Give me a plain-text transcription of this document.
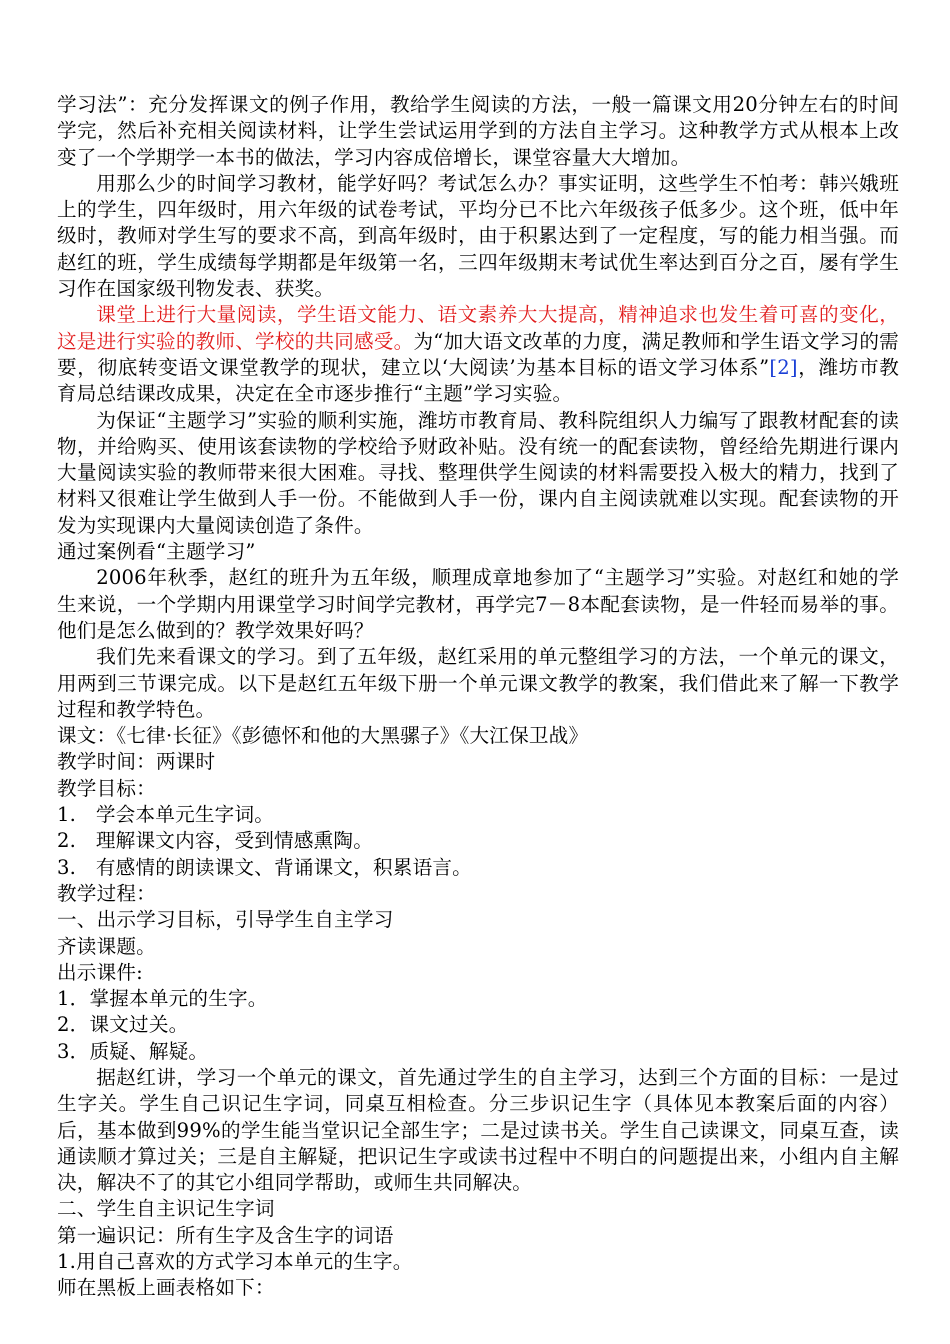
学习法”：充分发挥课文的例子作用，教给学生阅读的方法，一般一篇课文用20分钟左右的时间学完，然后补充相关阅读材料，让学生尝试运用学到的方法自主学习。这种教学方式从根本上改变了一个学期学一本书的做法，学习内容成倍增长，课堂容量大大增加。

用那么少的时间学习教材，能学好吗？考试怎么办？事实证明，这些学生不怕考：韩兴娥班上的学生，四年级时，用六年级的试卷考试，平均分已不比六年级孩子低多少。这个班，低中年级时，教师对学生写的要求不高，到高年级时，由于积累达到了一定程度，写的能力相当强。而赵红的班，学生成绩每学期都是年级第一名，三四年级期末考试优生率达到百分之百，屡有学生习作在国家级刊物发表、获奖。

课堂上进行大量阅读，学生语文能力、语文素养大大提高，精神追求也发生着可喜的变化，这是进行实验的教师、学校的共同感受。为“加大语文改革的力度，满足教师和学生语文学习的需要，彻底转变语文课堂教学的现状，建立以‘大阅读’为基本目标的语文学习体系”[2]，潍坊市教育局总结课改成果，决定在全市逐步推行“主题”学习实验。

为保证“主题学习”实验的顺利实施，潍坊市教育局、教科院组织人力编写了跟教材配套的读物，并给购买、使用该套读物的学校给予财政补贴。没有统一的配套读物，曾经给先期进行课内大量阅读实验的教师带来很大困难。寻找、整理供学生阅读的材料需要投入极大的精力，找到了材料又很难让学生做到人手一份。不能做到人手一份，课内自主阅读就难以实现。配套读物的开发为实现课内大量阅读创造了条件。

通过案例看“主题学习”

2006年秋季，赵红的班升为五年级，顺理成章地参加了“主题学习”实验。对赵红和她的学生来说，一个学期内用课堂学习时间学完教材，再学完7－8本配套读物，是一件轻而易举的事。他们是怎么做到的？教学效果好吗？

我们先来看课文的学习。到了五年级，赵红采用的单元整组学习的方法，一个单元的课文，用两到三节课完成。以下是赵红五年级下册一个单元课文教学的教案，我们借此来了解一下教学过程和教学特色。

课文：《七律·长征》《彭德怀和他的大黑骡子》《大江保卫战》

教学时间：两课时

教学目标：

1.　学会本单元生字词。

2.　理解课文内容，受到情感熏陶。

3.　有感情的朗读课文、背诵课文，积累语言。

教学过程：

一、出示学习目标，引导学生自主学习

齐读课题。

出示课件:

1．掌握本单元的生字。

2．课文过关。

3．质疑、解疑。

据赵红讲，学习一个单元的课文，首先通过学生的自主学习，达到三个方面的目标：一是过生字关。学生自己识记生字词，同桌互相检查。分三步识记生字（具体见本教案后面的内容）后，基本做到99%的学生能当堂识记全部生字；二是过读书关。学生自己读课文，同桌互查，读通读顺才算过关；三是自主解疑，把识记生字或读书过程中不明白的问题提出来，小组内自主解决，解决不了的其它小组同学帮助，或师生共同解决。

二、学生自主识记生字词

第一遍识记：所有生字及含生字的词语

1.用自己喜欢的方式学习本单元的生字。

师在黑板上画表格如下：
